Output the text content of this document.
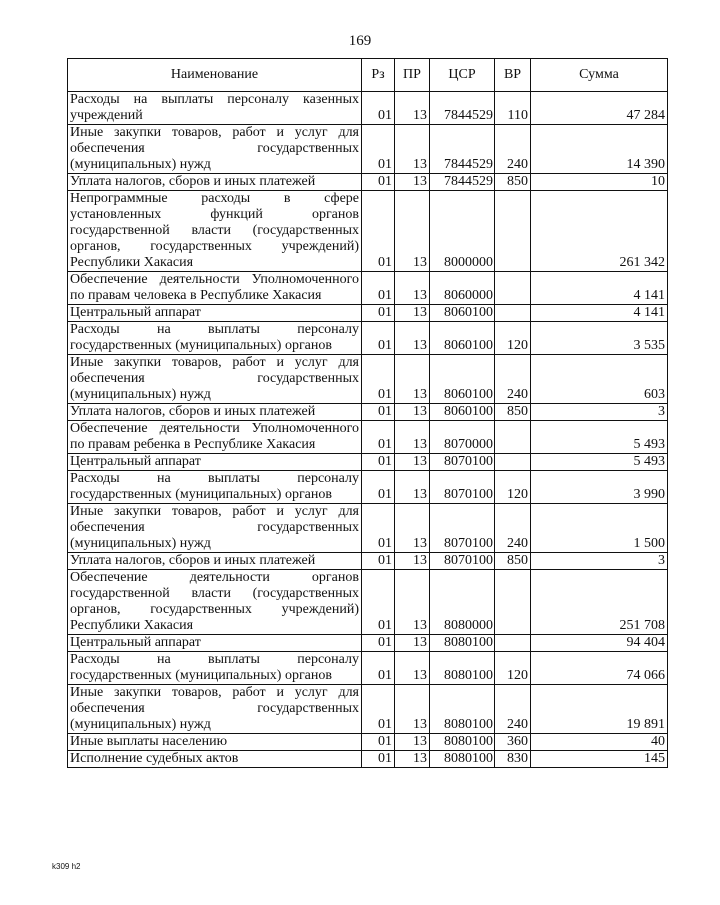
169
Наименование	Рз	ПР	ЦСР	ВР	Сумма
Расходы на выплаты персоналу казенных учреждений	01	13	7844529	110	47 284
Иные закупки товаров, работ и услуг для обеспечения государственных (муниципальных) нужд	01	13	7844529	240	14 390
Уплата налогов, сборов и иных платежей	01	13	7844529	850	10
Непрограммные расходы в сфере установленных функций органов государственной власти (государственных органов, государственных учреждений) Республики Хакасия	01	13	8000000		261 342
Обеспечение деятельности Уполномоченного по правам человека в Республике Хакасия	01	13	8060000		4 141
Центральный аппарат	01	13	8060100		4 141
Расходы на выплаты персоналу государственных (муниципальных) органов	01	13	8060100	120	3 535
Иные закупки товаров, работ и услуг для обеспечения государственных (муниципальных) нужд	01	13	8060100	240	603
Уплата налогов, сборов и иных платежей	01	13	8060100	850	3
Обеспечение деятельности Уполномоченного по правам ребенка в Республике Хакасия	01	13	8070000		5 493
Центральный аппарат	01	13	8070100		5 493
Расходы на выплаты персоналу государственных (муниципальных) органов	01	13	8070100	120	3 990
Иные закупки товаров, работ и услуг для обеспечения государственных (муниципальных) нужд	01	13	8070100	240	1 500
Уплата налогов, сборов и иных платежей	01	13	8070100	850	3
Обеспечение деятельности органов государственной власти (государственных органов, государственных учреждений) Республики Хакасия	01	13	8080000		251 708
Центральный аппарат	01	13	8080100		94 404
Расходы на выплаты персоналу государственных (муниципальных) органов	01	13	8080100	120	74 066
Иные закупки товаров, работ и услуг для обеспечения государственных (муниципальных) нужд	01	13	8080100	240	19 891
Иные выплаты населению	01	13	8080100	360	40
Исполнение судебных актов	01	13	8080100	830	145
k309 h2
